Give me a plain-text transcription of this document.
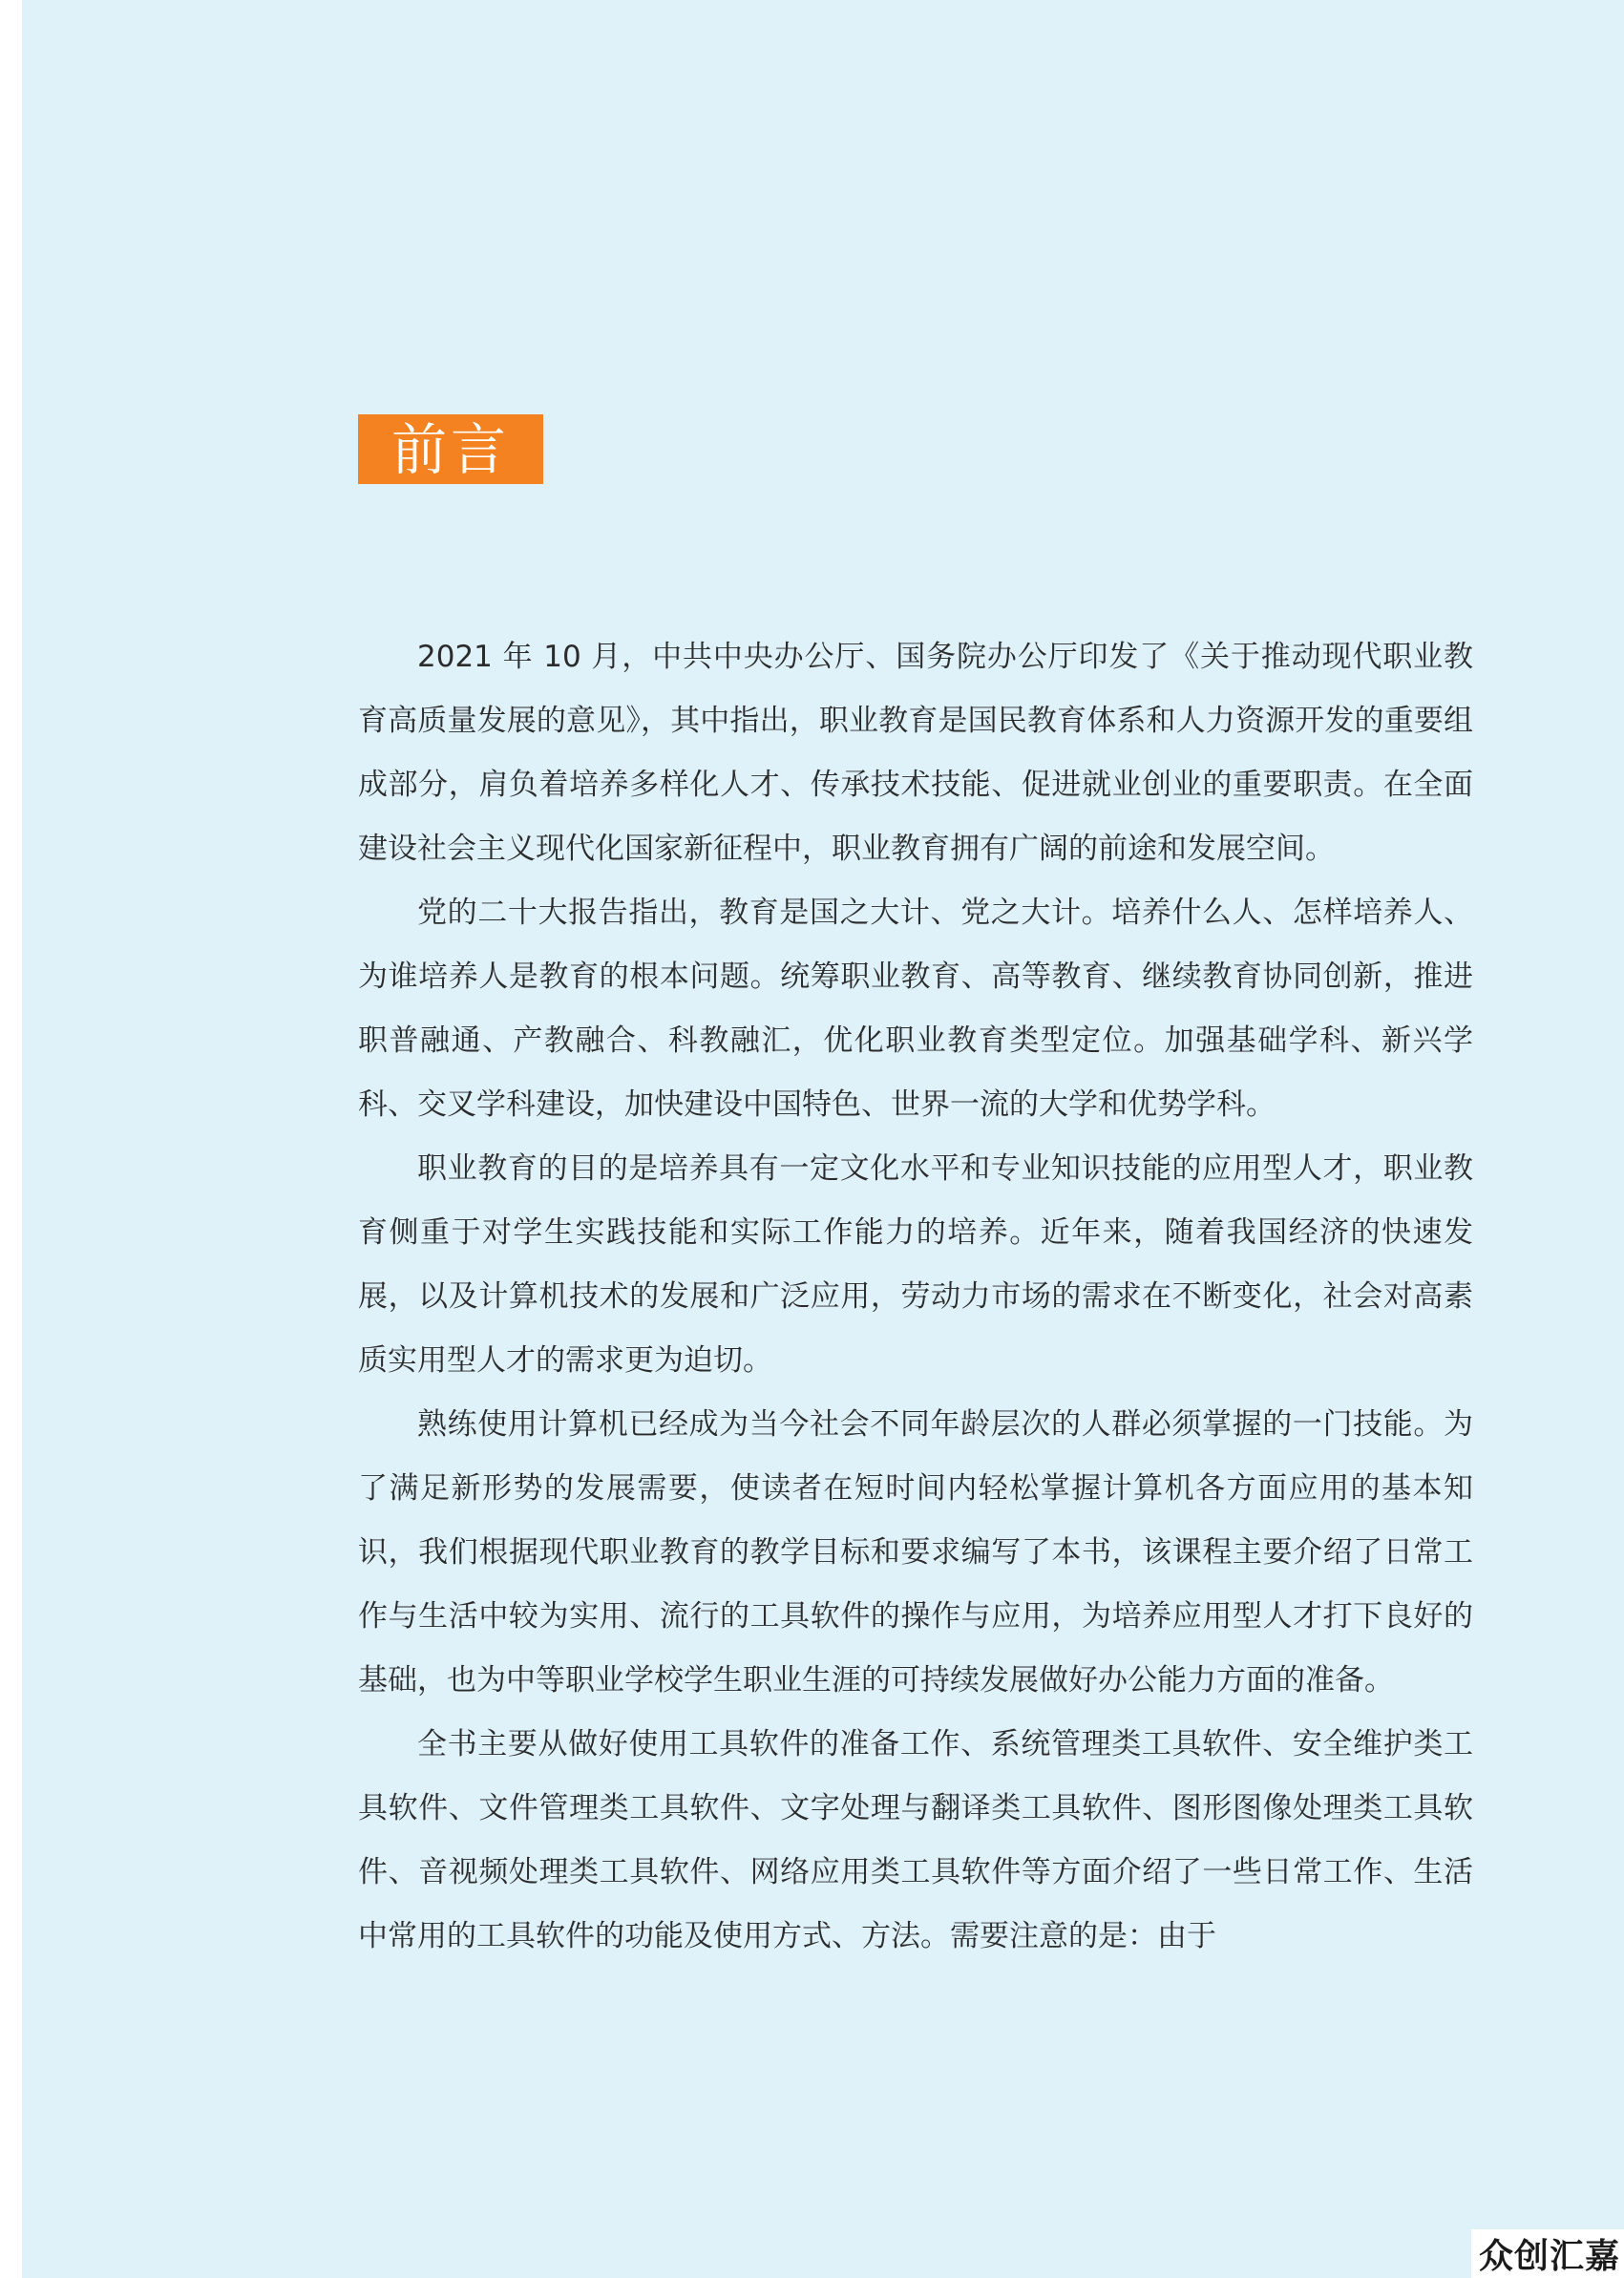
前言

2021 年 10 月，中共中央办公厅、国务院办公厅印发了《关于推动现代职业教育高质量发展的意见》，其中指出，职业教育是国民教育体系和人力资源开发的重要组成部分，肩负着培养多样化人才、传承技术技能、促进就业创业的重要职责。在全面建设社会主义现代化国家新征程中，职业教育拥有广阔的前途和发展空间。

党的二十大报告指出，教育是国之大计、党之大计。培养什么人、怎样培养人、为谁培养人是教育的根本问题。统筹职业教育、高等教育、继续教育协同创新，推进职普融通、产教融合、科教融汇，优化职业教育类型定位。加强基础学科、新兴学科、交叉学科建设，加快建设中国特色、世界一流的大学和优势学科。

职业教育的目的是培养具有一定文化水平和专业知识技能的应用型人才，职业教育侧重于对学生实践技能和实际工作能力的培养。近年来，随着我国经济的快速发展，以及计算机技术的发展和广泛应用，劳动力市场的需求在不断变化，社会对高素质实用型人才的需求更为迫切。

熟练使用计算机已经成为当今社会不同年龄层次的人群必须掌握的一门技能。为了满足新形势的发展需要，使读者在短时间内轻松掌握计算机各方面应用的基本知识，我们根据现代职业教育的教学目标和要求编写了本书，该课程主要介绍了日常工作与生活中较为实用、流行的工具软件的操作与应用，为培养应用型人才打下良好的基础，也为中等职业学校学生职业生涯的可持续发展做好办公能力方面的准备。

全书主要从做好使用工具软件的准备工作、系统管理类工具软件、安全维护类工具软件、文件管理类工具软件、文字处理与翻译类工具软件、图形图像处理类工具软件、音视频处理类工具软件、网络应用类工具软件等方面介绍了一些日常工作、生活中常用的工具软件的功能及使用方式、方法。需要注意的是：由于

众创汇嘉
